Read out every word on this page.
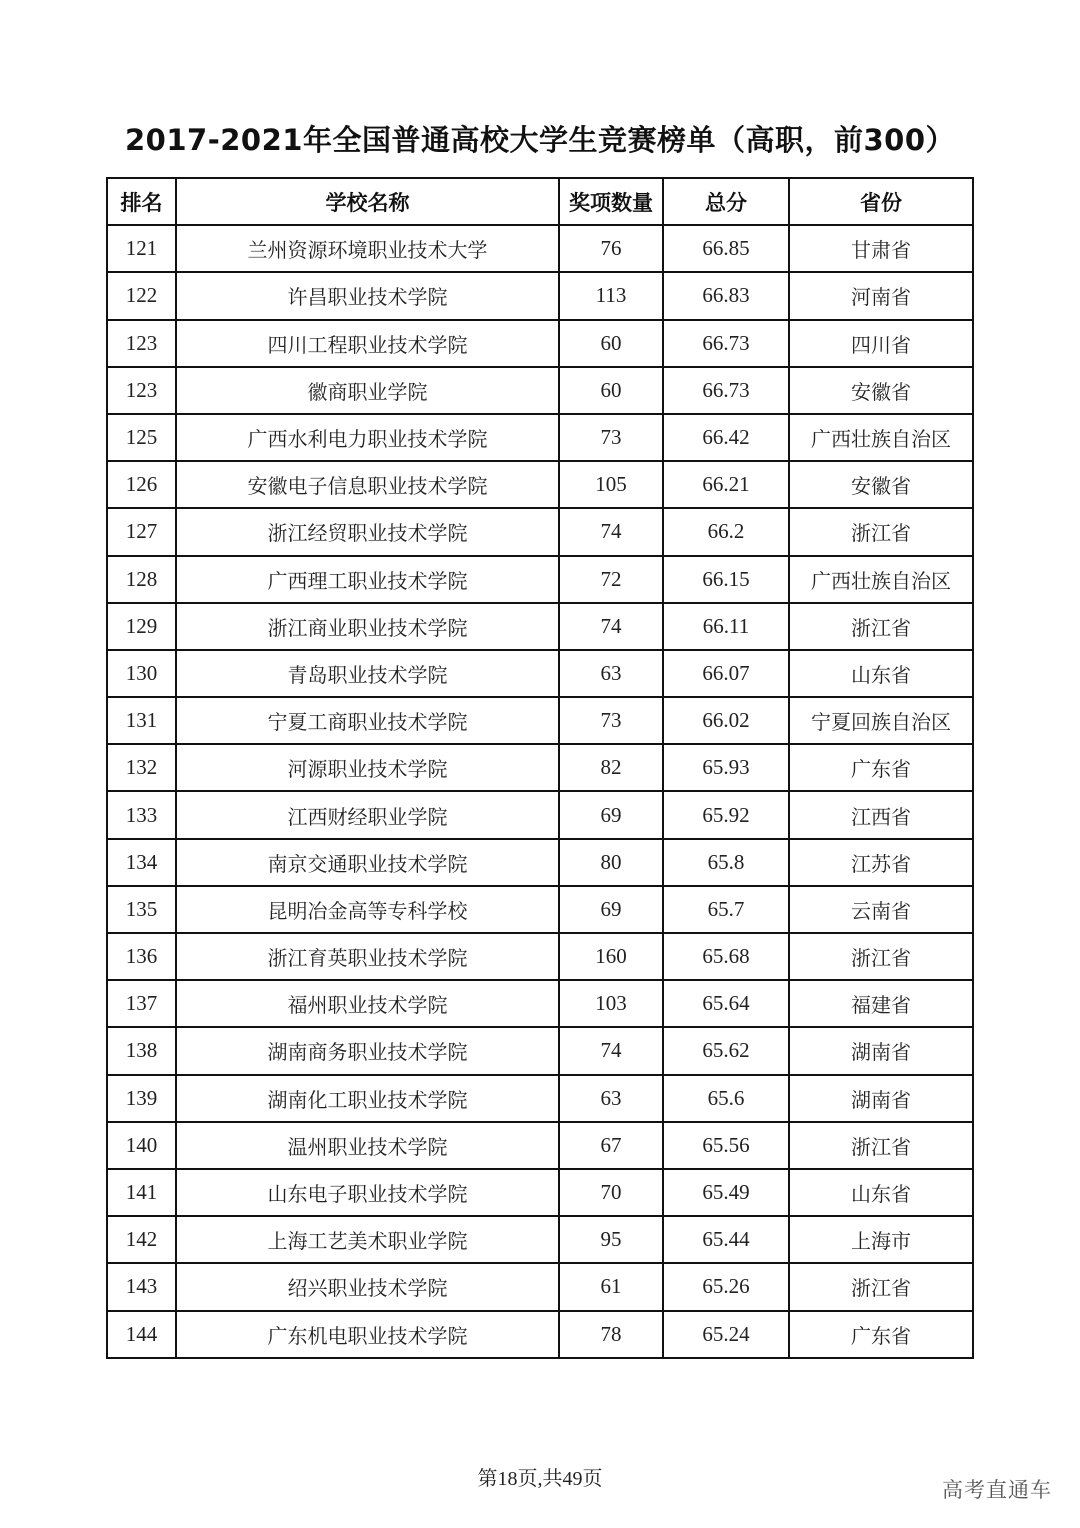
2017-2021年全国普通高校大学生竞赛榜单（高职，前300）
排名	学校名称	奖项数量	总分	省份
121	兰州资源环境职业技术大学	76	66.85	甘肃省
122	许昌职业技术学院	113	66.83	河南省
123	四川工程职业技术学院	60	66.73	四川省
123	徽商职业学院	60	66.73	安徽省
125	广西水利电力职业技术学院	73	66.42	广西壮族自治区
126	安徽电子信息职业技术学院	105	66.21	安徽省
127	浙江经贸职业技术学院	74	66.2	浙江省
128	广西理工职业技术学院	72	66.15	广西壮族自治区
129	浙江商业职业技术学院	74	66.11	浙江省
130	青岛职业技术学院	63	66.07	山东省
131	宁夏工商职业技术学院	73	66.02	宁夏回族自治区
132	河源职业技术学院	82	65.93	广东省
133	江西财经职业学院	69	65.92	江西省
134	南京交通职业技术学院	80	65.8	江苏省
135	昆明冶金高等专科学校	69	65.7	云南省
136	浙江育英职业技术学院	160	65.68	浙江省
137	福州职业技术学院	103	65.64	福建省
138	湖南商务职业技术学院	74	65.62	湖南省
139	湖南化工职业技术学院	63	65.6	湖南省
140	温州职业技术学院	67	65.56	浙江省
141	山东电子职业技术学院	70	65.49	山东省
142	上海工艺美术职业学院	95	65.44	上海市
143	绍兴职业技术学院	61	65.26	浙江省
144	广东机电职业技术学院	78	65.24	广东省
第18页,共49页	高考直通车
